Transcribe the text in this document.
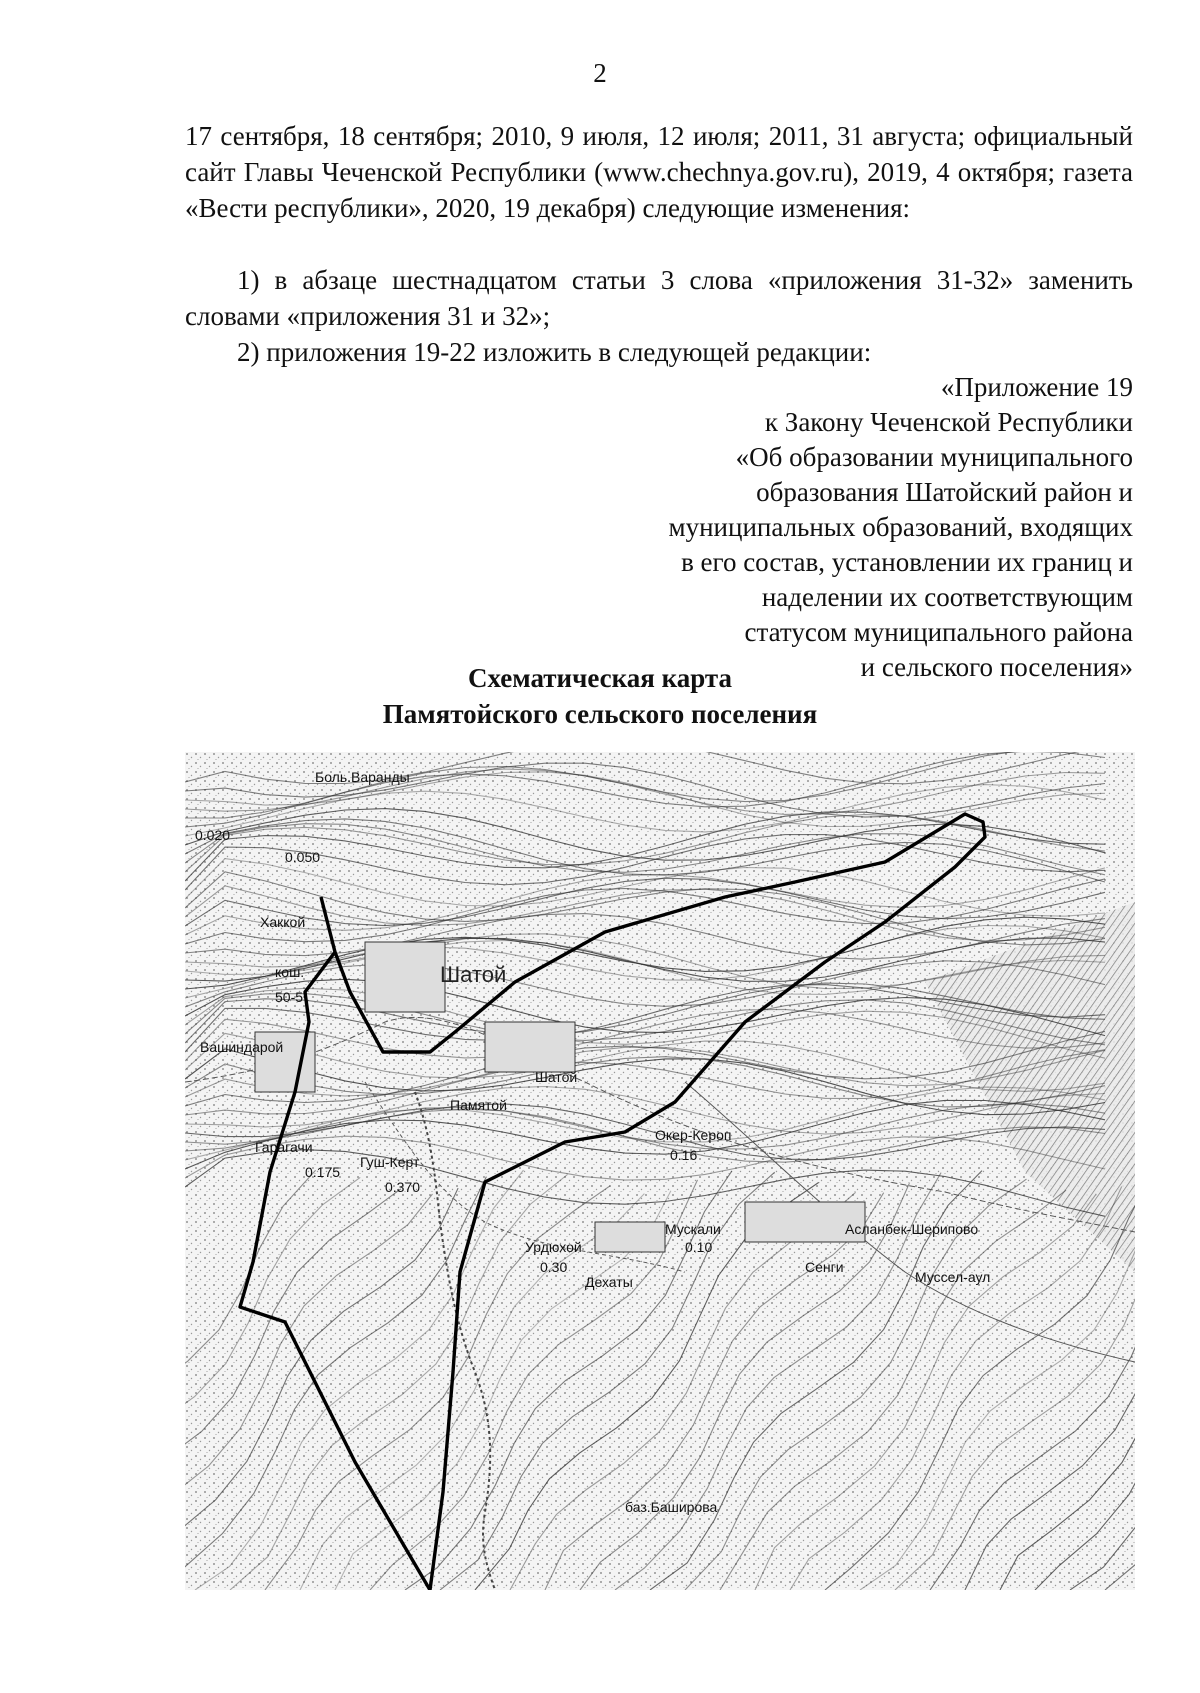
2

17 сентября, 18 сентября; 2010, 9 июля, 12 июля; 2011, 31 августа; официальный сайт Главы Чеченской Республики (www.chechnya.gov.ru), 2019, 4 октября; газета «Вести республики», 2020, 19 декабря) следующие изменения:

1) в абзаце шестнадцатом статьи 3 слова «приложения 31-32» заменить словами «приложения 31 и 32»;

2) приложения 19-22 изложить в следующей редакции:

«Приложение 19
к Закону Чеченской Республики
«Об образовании муниципального
образования Шатойский район и
муниципальных образований, входящих
в его состав, установлении их границ и
наделении их соответствующим
статусом муниципального района
и сельского поселения»
Схематическая карта
Памятойского сельского поселения
Боль.Варанды
0.020
0.050
Хаккой
кош.
50-5
Шатой
Вашиндарой
Шатой
Памятой
Гарагачи
0.175
Гуш-Керт
0.370
Окер-Кероп
0.16
Урдюхой
0.30
Дехаты
Мускали
0.10
Асланбек-Шерипово
Сенги
Муссел-аул
баз.Баширова
